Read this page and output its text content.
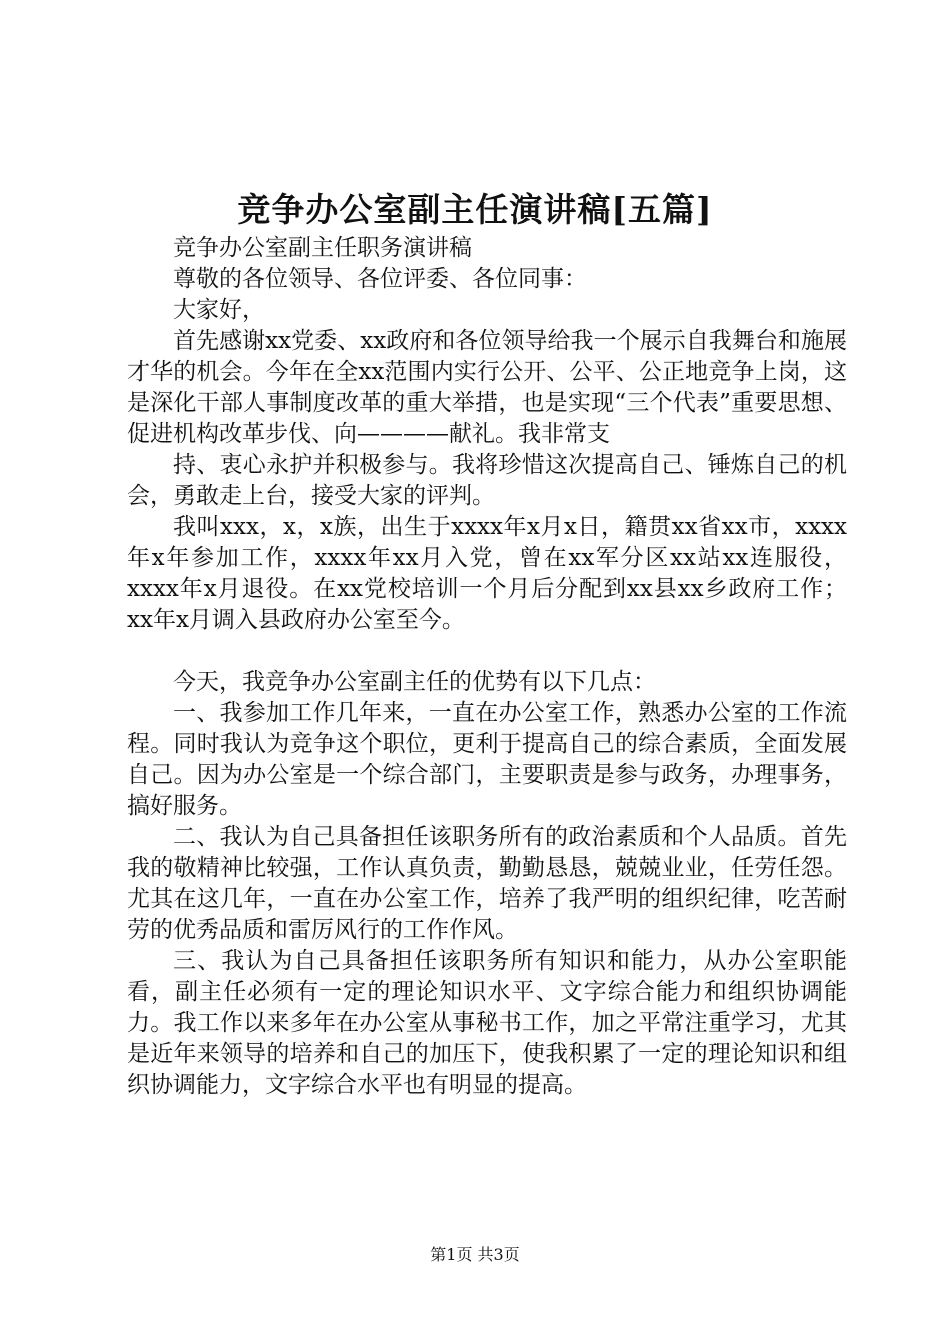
竞争办公室副主任演讲稿[五篇]

竞争办公室副主任职务演讲稿

尊敬的各位领导、各位评委、各位同事：

大家好，

首先感谢xx党委、xx政府和各位领导给我一个展示自我舞台和施展才华的机会。今年在全xx范围内实行公开、公平、公正地竞争上岗，这是深化干部人事制度改革的重大举措，也是实现“三个代表”重要思想、促进机构改革步伐、向————献礼。我非常支

持、衷心永护并积极参与。我将珍惜这次提高自己、锤炼自己的机会，勇敢走上台，接受大家的评判。

我叫xxx，x，x族，出生于xxxx年x月x日，籍贯xx省xx市，xxxx年x年参加工作，xxxx年xx月入党，曾在xx军分区xx站xx连服役，xxxx年x月退役。在xx党校培训一个月后分配到xx县xx乡政府工作；xx年x月调入县政府办公室至今。

今天，我竞争办公室副主任的优势有以下几点：

一、我参加工作几年来，一直在办公室工作，熟悉办公室的工作流程。同时我认为竞争这个职位，更利于提高自己的综合素质，全面发展自己。因为办公室是一个综合部门，主要职责是参与政务，办理事务，搞好服务。

二、我认为自己具备担任该职务所有的政治素质和个人品质。首先我的敬精神比较强，工作认真负责，勤勤恳恳，兢兢业业，任劳任怨。尤其在这几年，一直在办公室工作，培养了我严明的组织纪律，吃苦耐劳的优秀品质和雷厉风行的工作作风。

三、我认为自己具备担任该职务所有知识和能力，从办公室职能看，副主任必须有一定的理论知识水平、文字综合能力和组织协调能力。我工作以来多年在办公室从事秘书工作，加之平常注重学习，尤其是近年来领导的培养和自己的加压下，使我积累了一定的理论知识和组织协调能力，文字综合水平也有明显的提高。

第1页 共3页
